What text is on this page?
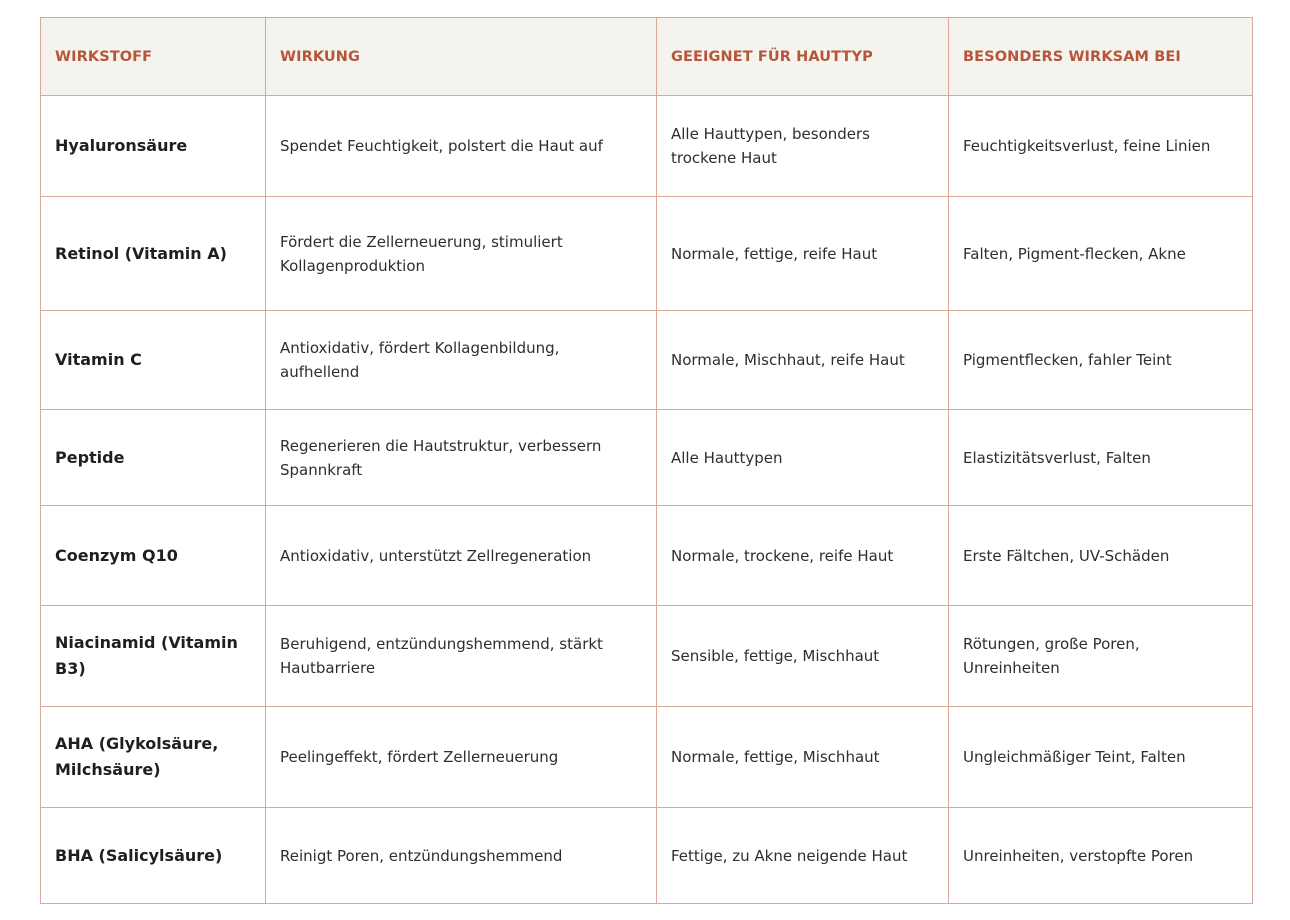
WIRKSTOFF	WIRKUNG	GEEIGNET FÜR HAUTTYP	BESONDERS WIRKSAM BEI
Hyaluronsäure	Spendet Feuchtigkeit, polstert die Haut auf	Alle Hauttypen, besonders trockene Haut	Feuchtigkeitsverlust, feine Linien
Retinol (Vitamin A)	Fördert die Zellerneuerung, stimuliert Kollagenproduktion	Normale, fettige, reife Haut	Falten, Pigment-flecken, Akne
Vitamin C	Antioxidativ, fördert Kollagenbildung, aufhellend	Normale, Mischhaut, reife Haut	Pigmentflecken, fahler Teint
Peptide	Regenerieren die Hautstruktur, verbessern Spannkraft	Alle Hauttypen	Elastizitätsverlust, Falten
Coenzym Q10	Antioxidativ, unterstützt Zellregeneration	Normale, trockene, reife Haut	Erste Fältchen, UV-Schäden
Niacinamid (Vitamin B3)	Beruhigend, entzündungshemmend, stärkt Hautbarriere	Sensible, fettige, Mischhaut	Rötungen, große Poren, Unreinheiten
AHA (Glykolsäure, Milchsäure)	Peelingeffekt, fördert Zellerneuerung	Normale, fettige, Mischhaut	Ungleichmäßiger Teint, Falten
BHA (Salicylsäure)	Reinigt Poren, entzündungshemmend	Fettige, zu Akne neigende Haut	Unreinheiten, verstopfte Poren
